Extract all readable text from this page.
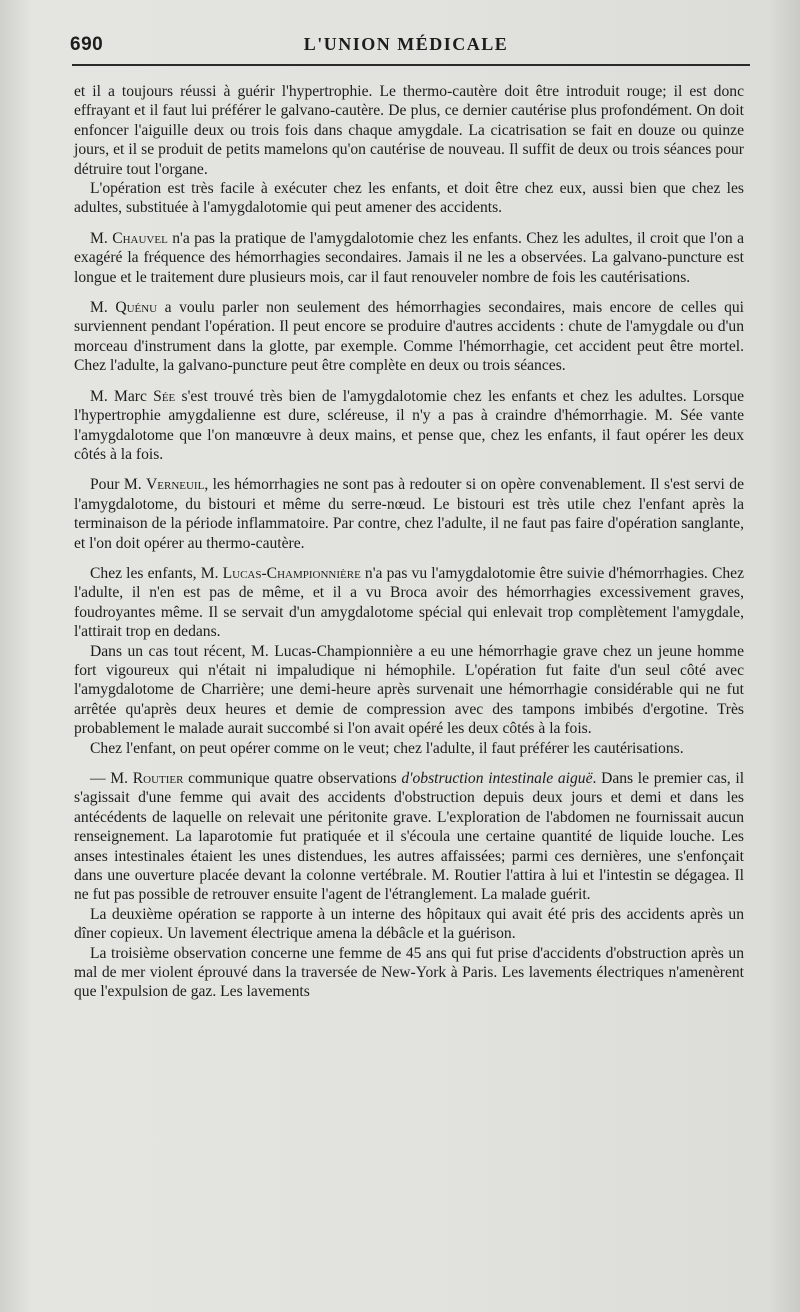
690	L'UNION MÉDICALE

et il a toujours réussi à guérir l'hypertrophie. Le thermo-cautère doit être introduit rouge; il est donc effrayant et il faut lui préférer le galvano-cautère. De plus, ce dernier cautérise plus profondément. On doit enfoncer l'aiguille deux ou trois fois dans chaque amygdale. La cicatrisation se fait en douze ou quinze jours, et il se produit de petits mamelons qu'on cautérise de nouveau. Il suffit de deux ou trois séances pour détruire tout l'organe.

L'opération est très facile à exécuter chez les enfants, et doit être chez eux, aussi bien que chez les adultes, substituée à l'amygdalotomie qui peut amener des accidents.

M. Chauvel n'a pas la pratique de l'amygdalotomie chez les enfants. Chez les adultes, il croit que l'on a exagéré la fréquence des hémorrhagies secondaires. Jamais il ne les a observées. La galvano-puncture est longue et le traitement dure plusieurs mois, car il faut renouveler nombre de fois les cautérisations.

M. Quénu a voulu parler non seulement des hémorrhagies secondaires, mais encore de celles qui surviennent pendant l'opération. Il peut encore se produire d'autres accidents : chute de l'amygdale ou d'un morceau d'instrument dans la glotte, par exemple. Comme l'hémorrhagie, cet accident peut être mortel. Chez l'adulte, la galvano-puncture peut être complète en deux ou trois séances.

M. Marc Sée s'est trouvé très bien de l'amygdalotomie chez les enfants et chez les adultes. Lorsque l'hypertrophie amygdalienne est dure, scléreuse, il n'y a pas à craindre d'hémorrhagie. M. Sée vante l'amygdalotome que l'on manœuvre à deux mains, et pense que, chez les enfants, il faut opérer les deux côtés à la fois.

Pour M. Verneuil, les hémorrhagies ne sont pas à redouter si on opère convenablement. Il s'est servi de l'amygdalotome, du bistouri et même du serre-nœud. Le bistouri est très utile chez l'enfant après la terminaison de la période inflammatoire. Par contre, chez l'adulte, il ne faut pas faire d'opération sanglante, et l'on doit opérer au thermo-cautère.

Chez les enfants, M. Lucas-Championnière n'a pas vu l'amygdalotomie être suivie d'hémorrhagies. Chez l'adulte, il n'en est pas de même, et il a vu Broca avoir des hémorrhagies excessivement graves, foudroyantes même. Il se servait d'un amygdalotome spécial qui enlevait trop complètement l'amygdale, l'attirait trop en dedans.

Dans un cas tout récent, M. Lucas-Championnière a eu une hémorrhagie grave chez un jeune homme fort vigoureux qui n'était ni impaludique ni hémophile. L'opération fut faite d'un seul côté avec l'amygdalotome de Charrière; une demi-heure après survenait une hémorrhagie considérable qui ne fut arrêtée qu'après deux heures et demie de compression avec des tampons imbibés d'ergotine. Très probablement le malade aurait succombé si l'on avait opéré les deux côtés à la fois.

Chez l'enfant, on peut opérer comme on le veut; chez l'adulte, il faut préférer les cautérisations.

— M. Routier communique quatre observations d'obstruction intestinale aiguë. Dans le premier cas, il s'agissait d'une femme qui avait des accidents d'obstruction depuis deux jours et demi et dans les antécédents de laquelle on relevait une péritonite grave. L'exploration de l'abdomen ne fournissait aucun renseignement. La laparotomie fut pratiquée et il s'écoula une certaine quantité de liquide louche. Les anses intestinales étaient les unes distendues, les autres affaissées; parmi ces dernières, une s'enfonçait dans une ouverture placée devant la colonne vertébrale. M. Routier l'attira à lui et l'intestin se dégagea. Il ne fut pas possible de retrouver ensuite l'agent de l'étranglement. La malade guérit.

La deuxième opération se rapporte à un interne des hôpitaux qui avait été pris des accidents après un dîner copieux. Un lavement électrique amena la débâcle et la guérison.

La troisième observation concerne une femme de 45 ans qui fut prise d'accidents d'obstruction après un mal de mer violent éprouvé dans la traversée de New-York à Paris. Les lavements électriques n'amenèrent que l'expulsion de gaz. Les lavements
